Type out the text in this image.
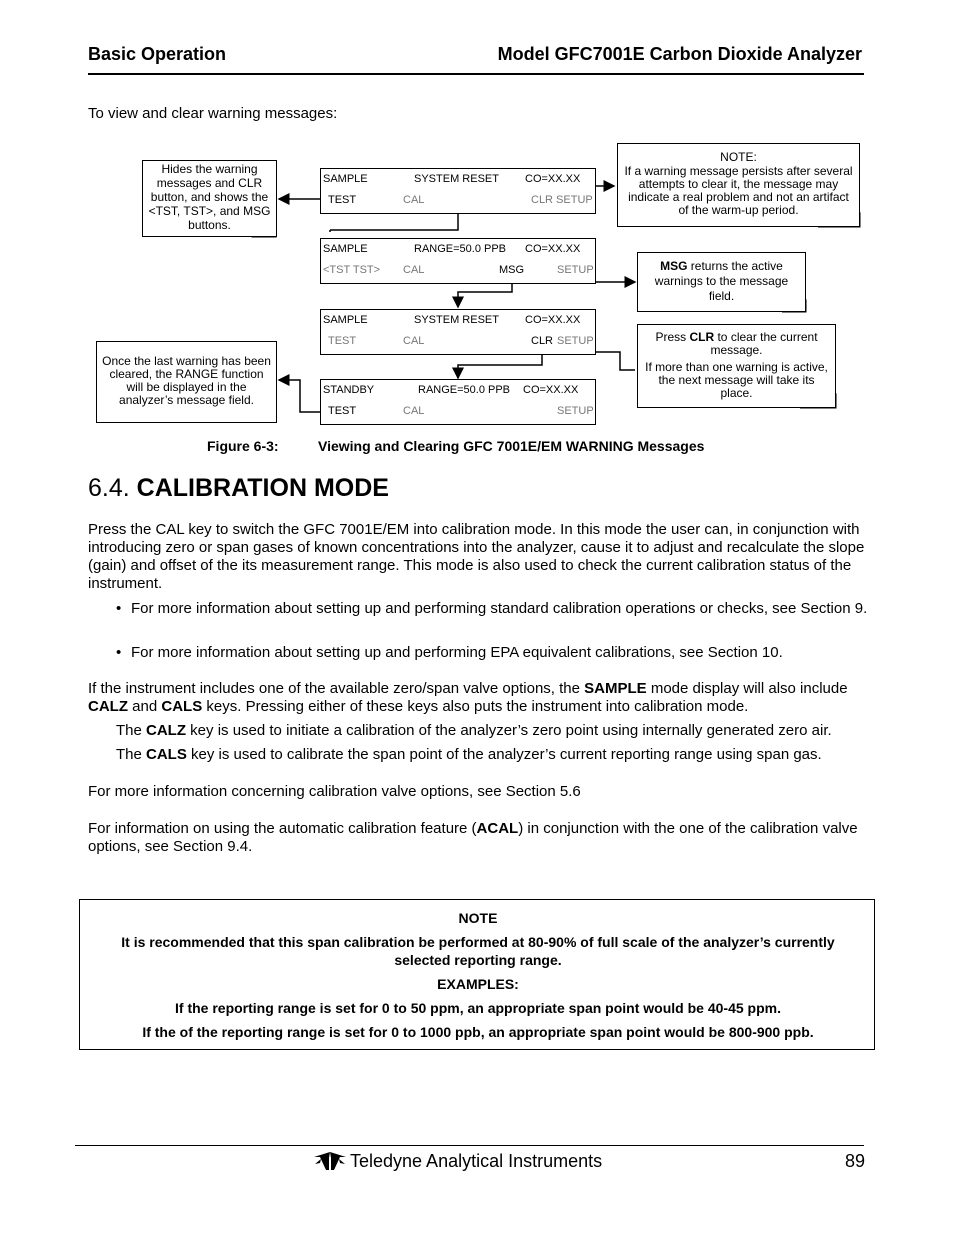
Basic Operation	Model GFC7001E Carbon Dioxide Analyzer
To view and clear warning messages:
SAMPLE	SYSTEM RESET CO=XX.XX
TEST	CAL	CLR SETUP
SAMPLE	RANGE=50.0 PPB CO=XX.XX
<TST TST> CAL	MSG	SETUP
SAMPLE	SYSTEM RESET CO=XX.XX
TEST	CAL	CLR SETUP
STANDBY	RANGE=50.0 PPB CO=XX.XX
TEST	CAL	SETUP
Hides the warning messages and CLR button, and shows the <TST, TST>, and MSG buttons.
NOTE:
If a warning message persists after several attempts to clear it, the message may indicate a real problem and not an artifact of the warm-up period.
MSG returns the active warnings to the message field.
Press CLR to clear the current message.
If more than one warning is active, the next message will take its place.
Once the last warning has been cleared, the RANGE function will be displayed in the analyzer’s message field.
Figure 6-3:	Viewing and Clearing GFC 7001E/EM WARNING Messages
6.4. CALIBRATION MODE
Press the CAL key to switch the GFC 7001E/EM into calibration mode. In this mode the user can, in conjunction with introducing zero or span gases of known concentrations into the analyzer, cause it to adjust and recalculate the slope (gain) and offset of the its measurement range. This mode is also used to check the current calibration status of the instrument.
• For more information about setting up and performing standard calibration operations or checks, see Section 9.
• For more information about setting up and performing EPA equivalent calibrations, see Section 10.
If the instrument includes one of the available zero/span valve options, the SAMPLE mode display will also include CALZ and CALS keys. Pressing either of these keys also puts the instrument into calibration mode.
The CALZ key is used to initiate a calibration of the analyzer’s zero point using internally generated zero air.
The CALS key is used to calibrate the span point of the analyzer’s current reporting range using span gas.
For more information concerning calibration valve options, see Section 5.6
For information on using the automatic calibration feature (ACAL) in conjunction with the one of the calibration valve options, see Section 9.4.
NOTE
It is recommended that this span calibration be performed at 80-90% of full scale of the analyzer’s currently selected reporting range.
EXAMPLES:
If the reporting range is set for 0 to 50 ppm, an appropriate span point would be 40-45 ppm.
If the of the reporting range is set for 0 to 1000 ppb, an appropriate span point would be 800-900 ppb.
Teledyne Analytical Instruments	89
